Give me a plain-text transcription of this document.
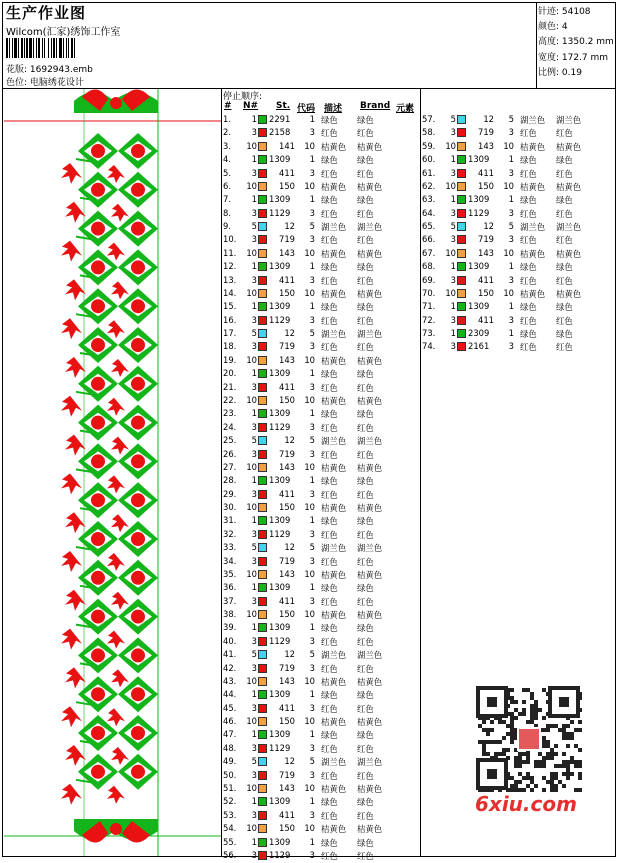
生产作业图
Wilcom(汇家)绣饰工作室
花版: 1692943.emb
色位: 电脑绣花设计
针迹: 54108
颜色: 4
高度: 1350.2 mm
宽度: 172.7 mm
比例: 0.19
停止顺序:
# N# St. 代码 描述 Brand 元素
1.	1 2291	1 绿色 绿色
2.	3 2158	3 红色 红色
3.	10	141	10 桔黄色 桔黄色
4.	1 1309	1 绿色 绿色
5.	3	411	3 红色 红色
6.	10	150	10 桔黄色 桔黄色
7.	1 1309	1 绿色 绿色
8.	3 1129	3 红色 红色
9.	5	12	5 湖兰色 湖兰色
10.	3	719	3 红色 红色
11.	10	143	10 桔黄色 桔黄色
12.	1 1309	1 绿色 绿色
13.	3	411	3 红色 红色
14.	10	150	10 桔黄色 桔黄色
15.	1 1309	1 绿色 绿色
16.	3 1129	3 红色 红色
17.	5	12	5 湖兰色 湖兰色
18.	3	719	3 红色 红色
19.	10	143	10 桔黄色 桔黄色
20.	1 1309	1 绿色 绿色
21.	3	411	3 红色 红色
22.	10	150	10 桔黄色 桔黄色
23.	1 1309	1 绿色 绿色
24.	3 1129	3 红色 红色
25.	5	12	5 湖兰色 湖兰色
26.	3	719	3 红色 红色
27.	10	143	10 桔黄色 桔黄色
28.	1 1309	1 绿色 绿色
29.	3	411	3 红色 红色
30.	10	150	10 桔黄色 桔黄色
31.	1 1309	1 绿色 绿色
32.	3 1129	3 红色 红色
33.	5	12	5 湖兰色 湖兰色
34.	3	719	3 红色 红色
35.	10	143	10 桔黄色 桔黄色
36.	1 1309	1 绿色 绿色
37.	3	411	3 红色 红色
38.	10	150	10 桔黄色 桔黄色
39.	1 1309	1 绿色 绿色
40.	3 1129	3 红色 红色
41.	5	12	5 湖兰色 湖兰色
42.	3	719	3 红色 红色
43.	10	143	10 桔黄色 桔黄色
44.	1 1309	1 绿色 绿色
45.	3	411	3 红色 红色
46.	10	150	10 桔黄色 桔黄色
47.	1 1309	1 绿色 绿色
48.	3 1129	3 红色 红色
49.	5	12	5 湖兰色 湖兰色
50.	3	719	3 红色 红色
51.	10	143	10 桔黄色 桔黄色
52.	1 1309	1 绿色 绿色
53.	3	411	3 红色 红色
54.	10	150	10 桔黄色 桔黄色
55.	1 1309	1 绿色 绿色
56.	3 1129	3 红色 红色
57.	5	12	5 湖兰色 湖兰色
58.	3	719	3 红色 红色
59.	10	143	10 桔黄色 桔黄色
60.	1 1309	1 绿色 绿色
61.	3	411	3 红色 红色
62.	10	150	10 桔黄色 桔黄色
63.	1 1309	1 绿色 绿色
64.	3 1129	3 红色 红色
65.	5	12	5 湖兰色 湖兰色
66.	3	719	3 红色 红色
67.	10	143	10 桔黄色 桔黄色
68.	1 1309	1 绿色 绿色
69.	3	411	3 红色 红色
70.	10	150	10 桔黄色 桔黄色
71.	1 1309	1 绿色 绿色
72.	3	411	3 红色 红色
73.	1 2309	1 绿色 绿色
74.	3 2161	3 红色 红色
6xiu.com
